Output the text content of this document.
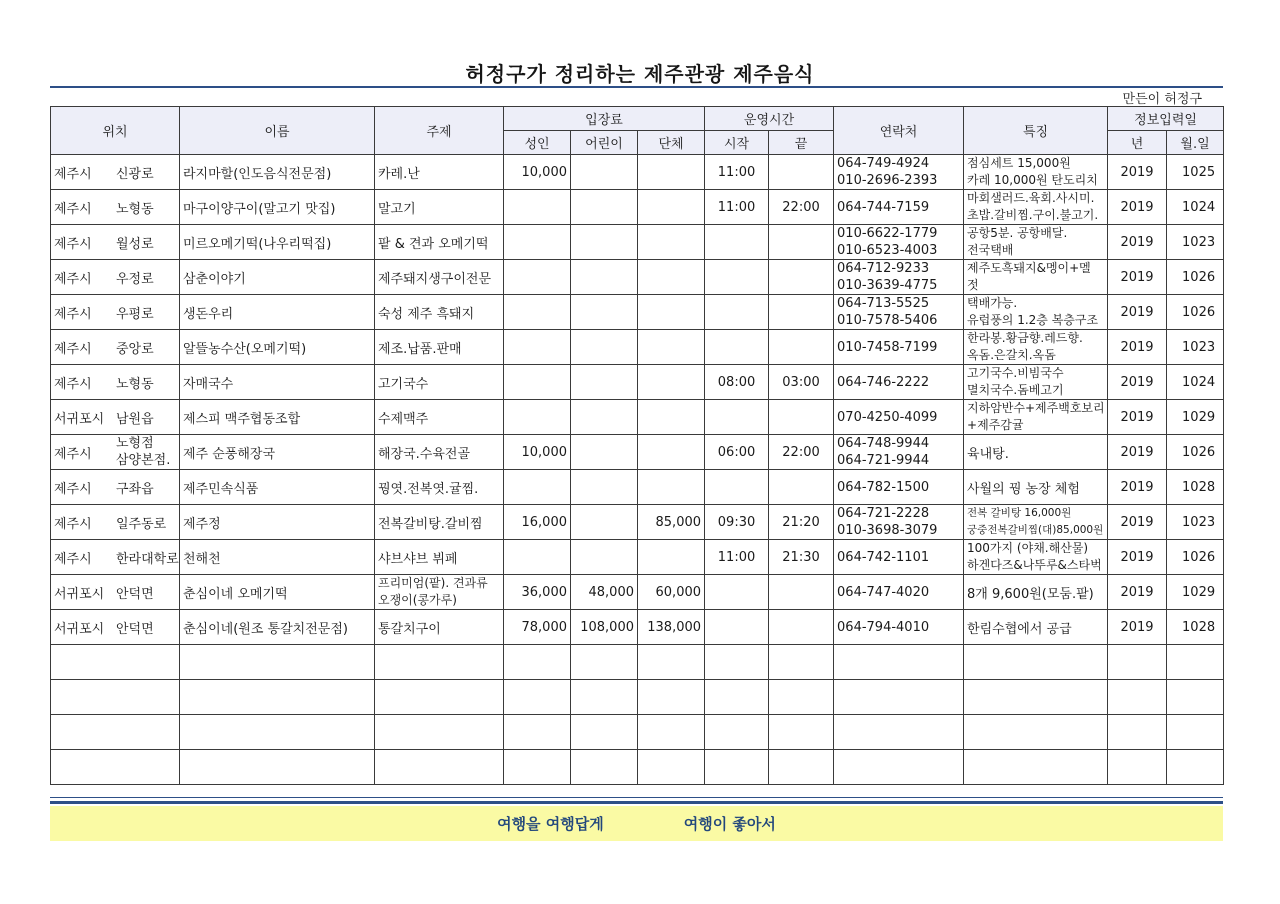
허정구가 정리하는 제주관광 제주음식
만든이 허정구
위치	이름	주제	입장료			운영시간		연락처	특징	정보입력일	
			성인	어린이	단체	시작	끝			년	월.일

제주시 신광로	라지마할(인도음식전문점)	카레.난	10,000			11:00		064-749-4924
010-2696-2393	점심세트 15,000원
카레 10,000원 탄도리치	2019	10 25

제주시 노형동	마구이양구이(말고기 맛집)	말고기				11:00	22:00	064-744-7159	마회샐러드.육회.사시미.
초밥.갈비찜.구이.불고기.	2019	10 24

제주시 월성로	미르오메기떡(나우리떡집)	팥 & 견과 오메기떡						010-6622-1779
010-6523-4003	공항5분. 공항배달.
전국택배	2019	10 23

제주시 우정로	삼춘이야기	제주돼지생구이전문						064-712-9233
010-3639-4775	제주도흑돼지&멩이+멜
젓	2019	10 26

제주시 우평로	생돈우리	숙성 제주 흑돼지						064-713-5525
010-7578-5406	택배가능.
유럽풍의 1.2층 복층구조	2019	10 26

제주시 중앙로	알뜰농수산(오메기떡)	제조.납품.판매						010-7458-7199	한라봉.황금향.레드향.
옥돔.은갈치.옥돔	2019	10 23

제주시 노형동	자매국수	고기국수				08:00	03:00	064-746-2222	고기국수.비빔국수
멸치국수.돔베고기	2019	10 24

서귀포시 남원읍	제스피 맥주협동조합	수제맥주						070-4250-4099	지하암반수+제주백호보리
+제주감귤	2019	10 29

제주시
노형점
삼양본점.	제주 순풍해장국	해장국.수육전골	10,000			06:00	22:00	064-748-9944
064-721-9944	육내탕.	2019	10 26

제주시 구좌읍	제주민속식품	꿩엿.전복엿.귤찜.						064-782-1500	사월의 꿩 농장 체험	2019	10 28

제주시 일주동로	제주정	전복갈비탕.갈비찜	16,000		85,000	09:30	21:20	064-721-2228
010-3698-3079	전복 갈비탕 16,000원
궁중전복갈비찜(대)85,000원	2019	10 23

제주시 한라대학로	천해천	샤브샤브 뷔페				11:00	21:30	064-742-1101	100가지 (야채.해산물)
하겐다즈&나뚜루&스타벅	2019	10 26

서귀포시 안덕면	춘심이네 오메기떡	프리미엄(팥). 견과류
오쟁이(콩가루)	36,000	48,000	60,000			064-747-4020	8개 9,600원(모둠.팥)	2019	10 29

서귀포시 안덕면	춘심이네(원조 통갈치전문점)	통갈치구이	78,000	108,000	138,000			064-794-4010	한림수협에서 공급	2019	10 28

여행을 여행답게	여행이 좋아서
